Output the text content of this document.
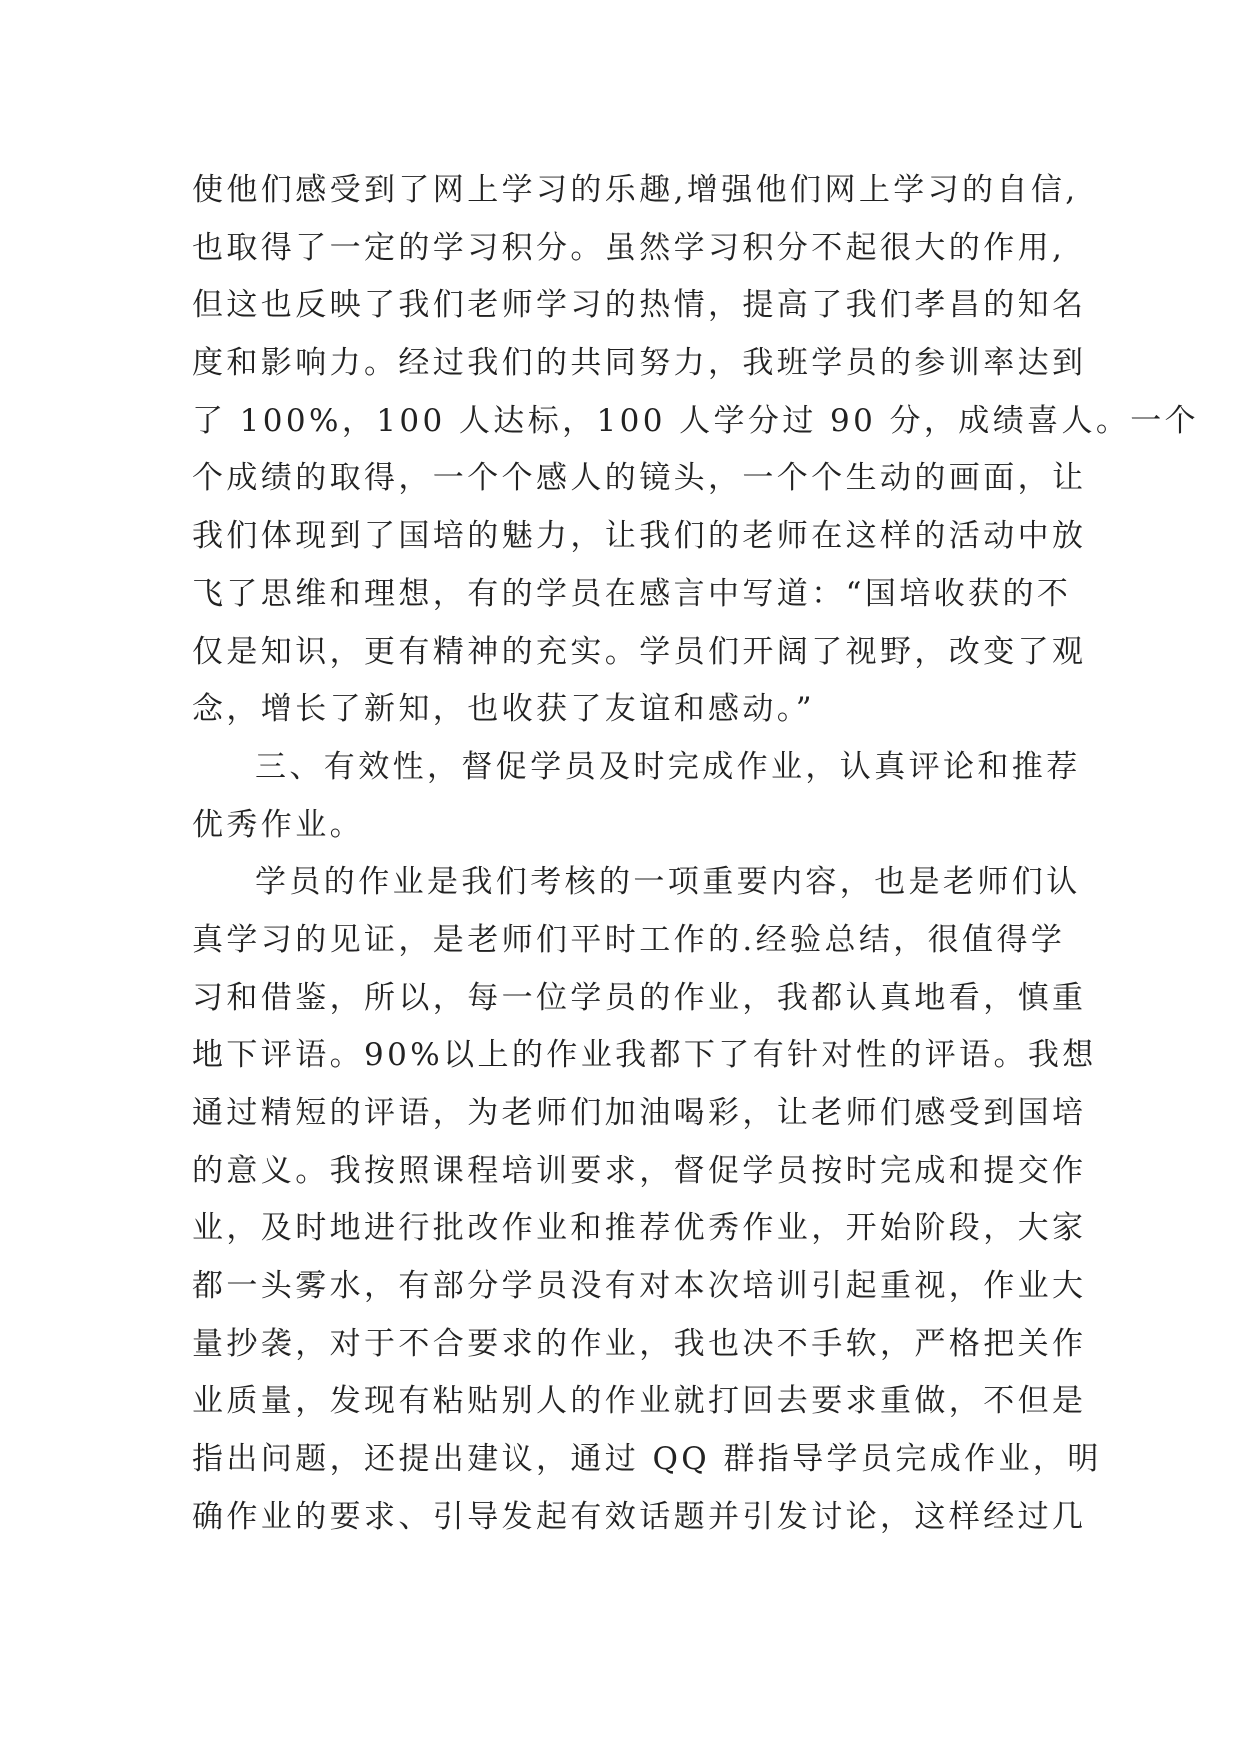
使他们感受到了网上学习的乐趣,增强他们网上学习的自信,
也取得了一定的学习积分。虽然学习积分不起很大的作用,
但这也反映了我们老师学习的热情，提高了我们孝昌的知名
度和影响力。经过我们的共同努力，我班学员的参训率达到
了 100%，100 人达标，100 人学分过 90 分，成绩喜人。一个
个成绩的取得，一个个感人的镜头，一个个生动的画面，让
我们体现到了国培的魅力，让我们的老师在这样的活动中放
飞了思维和理想，有的学员在感言中写道：“国培收获的不
仅是知识，更有精神的充实。学员们开阔了视野，改变了观
念，增长了新知，也收获了友谊和感动。”
三、有效性，督促学员及时完成作业，认真评论和推荐
优秀作业。
学员的作业是我们考核的一项重要内容，也是老师们认
真学习的见证，是老师们平时工作的.经验总结，很值得学
习和借鉴，所以，每一位学员的作业，我都认真地看，慎重
地下评语。90%以上的作业我都下了有针对性的评语。我想
通过精短的评语，为老师们加油喝彩，让老师们感受到国培
的意义。我按照课程培训要求，督促学员按时完成和提交作
业，及时地进行批改作业和推荐优秀作业，开始阶段，大家
都一头雾水，有部分学员没有对本次培训引起重视，作业大
量抄袭，对于不合要求的作业，我也决不手软，严格把关作
业质量，发现有粘贴别人的作业就打回去要求重做，不但是
指出问题，还提出建议，通过 QQ 群指导学员完成作业，明
确作业的要求、引导发起有效话题并引发讨论，这样经过几
